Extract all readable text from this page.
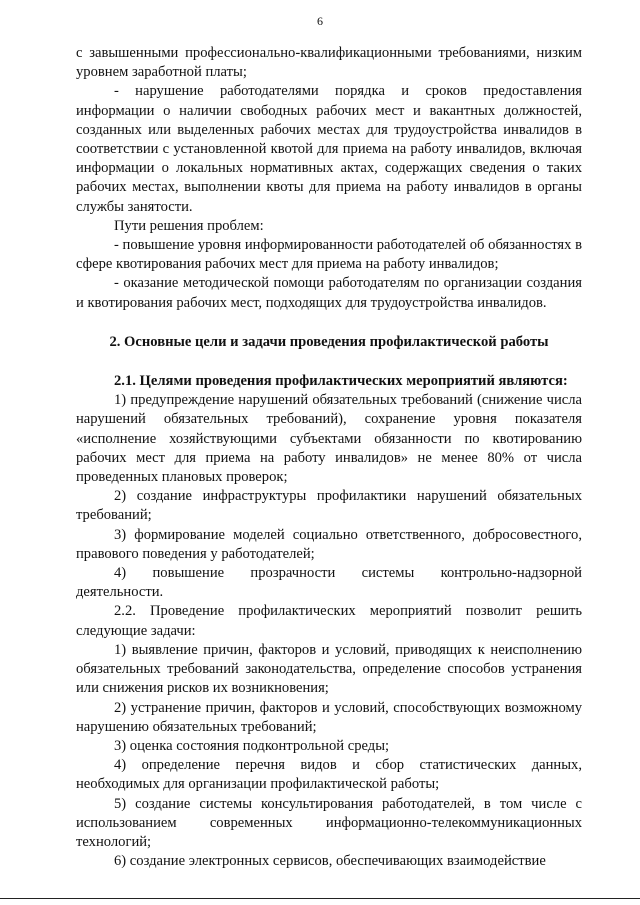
6

с завышенными профессионально-квалификационными требованиями, низким уровнем заработной платы;

- нарушение работодателями порядка и сроков предоставления информации о наличии свободных рабочих мест и вакантных должностей, созданных или выделенных рабочих местах для трудоустройства инвалидов в соответствии с установленной квотой для приема на работу инвалидов, включая информации о локальных нормативных актах, содержащих сведения о таких рабочих местах, выполнении квоты для приема на работу инвалидов в органы службы занятости.

Пути решения проблем:

- повышение уровня информированности работодателей об обязанностях в сфере квотирования рабочих мест для приема на работу инвалидов;

- оказание методической помощи работодателям по организации создания и квотирования рабочих мест, подходящих для трудоустройства инвалидов.

2. Основные цели и задачи проведения профилактической работы

2.1. Целями проведения профилактических мероприятий являются:

1) предупреждение нарушений обязательных требований (снижение числа нарушений обязательных требований), сохранение уровня показателя «исполнение хозяйствующими субъектами обязанности по квотированию рабочих мест для приема на работу инвалидов» не менее 80% от числа проведенных плановых проверок;

2) создание инфраструктуры профилактики нарушений обязательных требований;

3) формирование моделей социально ответственного, добросовестного, правового поведения у работодателей;

4) повышение прозрачности системы контрольно-надзорной деятельности.

2.2. Проведение профилактических мероприятий позволит решить следующие задачи:

1) выявление причин, факторов и условий, приводящих к неисполнению обязательных требований законодательства, определение способов устранения или снижения рисков их возникновения;

2) устранение причин, факторов и условий, способствующих возможному нарушению обязательных требований;

3) оценка состояния подконтрольной среды;

4) определение перечня видов и сбор статистических данных, необходимых для организации профилактической работы;

5) создание системы консультирования работодателей, в том числе с использованием современных информационно-телекоммуникационных технологий;

6) создание электронных сервисов, обеспечивающих взаимодействие
